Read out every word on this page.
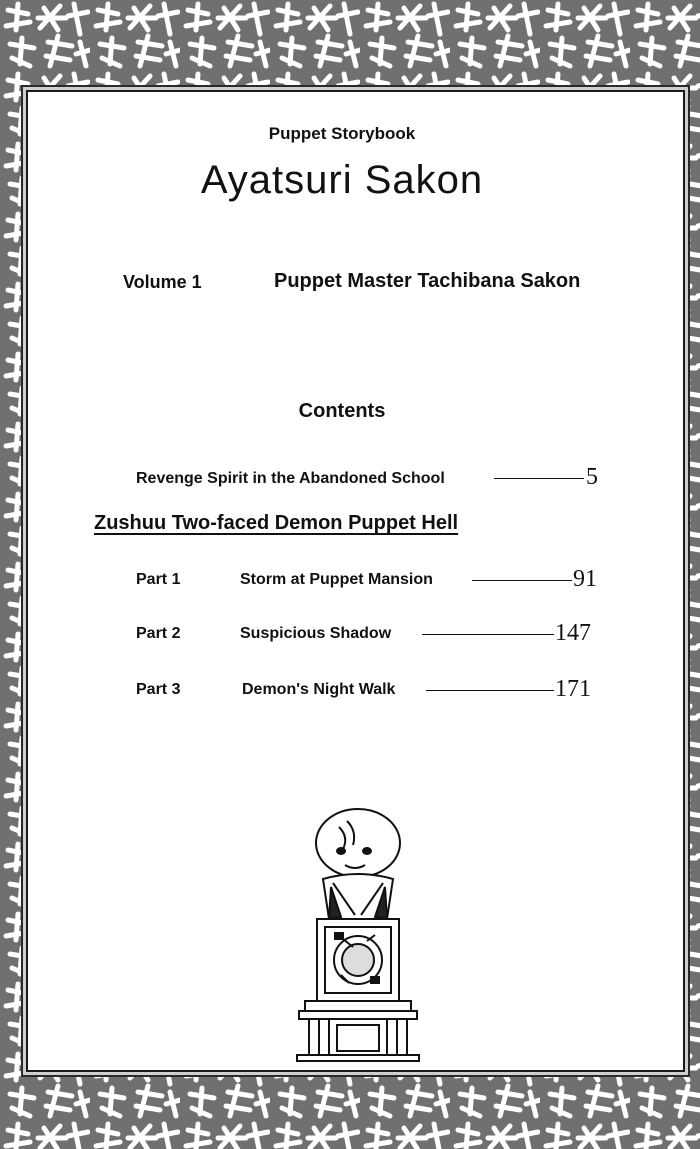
Puppet Storybook
Ayatsuri Sakon
Volume 1	Puppet Master Tachibana Sakon
Contents
Revenge Spirit in the Abandoned School	5
Zushuu Two-faced Demon Puppet Hell
Part 1	Storm at Puppet Mansion	91
Part 2	Suspicious Shadow	147
Part 3	Demon's Night Walk	171
